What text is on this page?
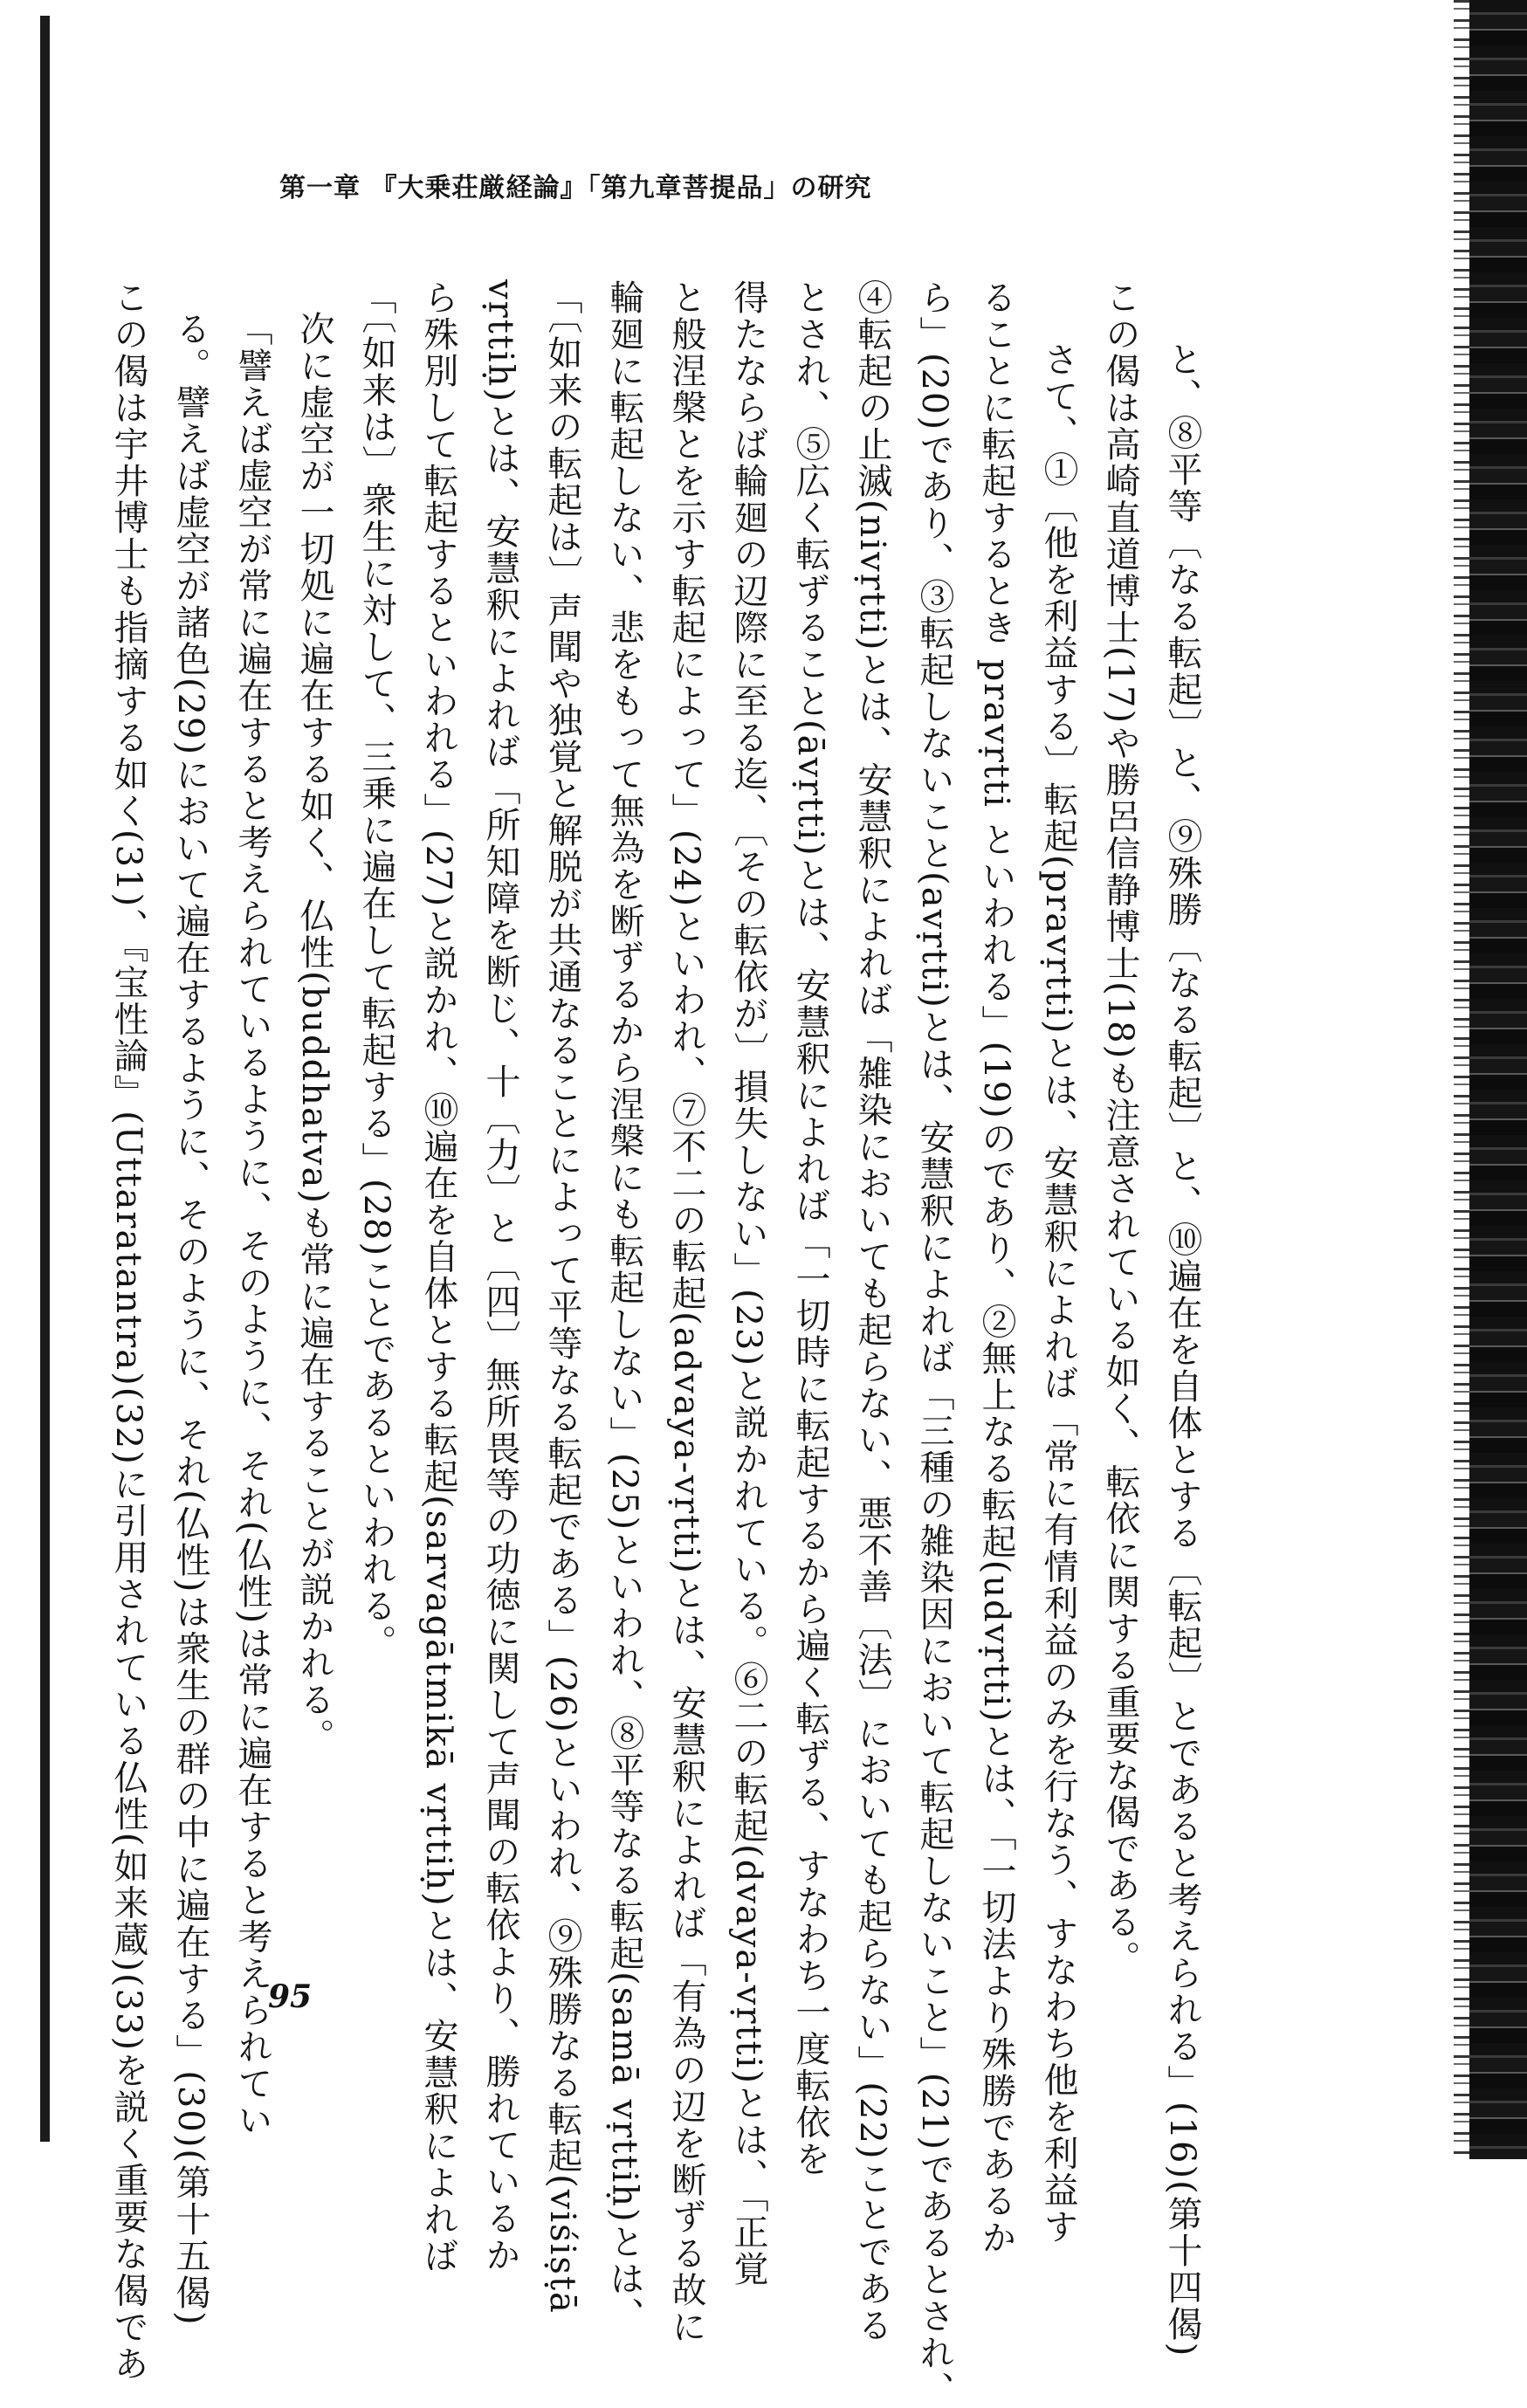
第一章 『大乗荘厳経論』「第九章菩提品」の研究
と、⑧平等〔なる転起〕と、⑨殊勝〔なる転起〕と、⑩遍在を自体とする〔転起〕とであると考えられる」(16)(第十四偈)
この偈は高崎直道博士(17)や勝呂信静博士(18)も注意されている如く、転依に関する重要な偈である。
さて、①〔他を利益する〕転起(pravṛtti)とは、安慧釈によれば「常に有情利益のみを行なう、すなわち他を利益す
ることに転起するとき pravṛtti といわれる」(19)のであり、②無上なる転起(udvṛtti)とは、「一切法より殊勝であるか
ら」(20)であり、③転起しないこと(avṛtti)とは、安慧釈によれば「三種の雑染因において転起しないこと」(21)であるとされ、
④転起の止滅(nivṛtti)とは、安慧釈によれば「雑染においても起らない、悪不善〔法〕においても起らない」(22)ことである
とされ、⑤広く転ずること(āvṛtti)とは、安慧釈によれば「一切時に転起するから遍く転ずる、すなわち一度転依を
得たならば輪廻の辺際に至る迄、〔その転依が〕損失しない」(23)と説かれている。⑥二の転起(dvaya-vṛtti)とは、「正覚
と般涅槃とを示す転起によって」(24)といわれ、⑦不二の転起(advaya-vṛtti)とは、安慧釈によれば「有為の辺を断ずる故に
輪廻に転起しない、悲をもって無為を断ずるから涅槃にも転起しない」(25)といわれ、⑧平等なる転起(samā vṛttiḥ)とは、
「〔如来の転起は〕声聞や独覚と解脱が共通なることによって平等なる転起である」(26)といわれ、⑨殊勝なる転起(viśiṣṭā
vṛttiḥ)とは、安慧釈によれば「所知障を断じ、十〔力〕と〔四〕無所畏等の功徳に関して声聞の転依より、勝れているか
ら殊別して転起するといわれる」(27)と説かれ、⑩遍在を自体とする転起(sarvagātmikā vṛttiḥ)とは、安慧釈によれば
「〔如来は〕衆生に対して、三乗に遍在して転起する」(28)ことであるといわれる。
次に虚空が一切処に遍在する如く、仏性(buddhatva)も常に遍在することが説かれる。
「譬えば虚空が常に遍在すると考えられているように、そのように、それ(仏性)は常に遍在すると考えられてい
る。譬えば虚空が諸色(29)において遍在するように、そのように、それ(仏性)は衆生の群の中に遍在する」(30)(第十五偈)
この偈は宇井博士も指摘する如く(31)、『宝性論』(Uttaratantra)(32)に引用されている仏性(如来蔵)(33)を説く重要な偈であ	95
